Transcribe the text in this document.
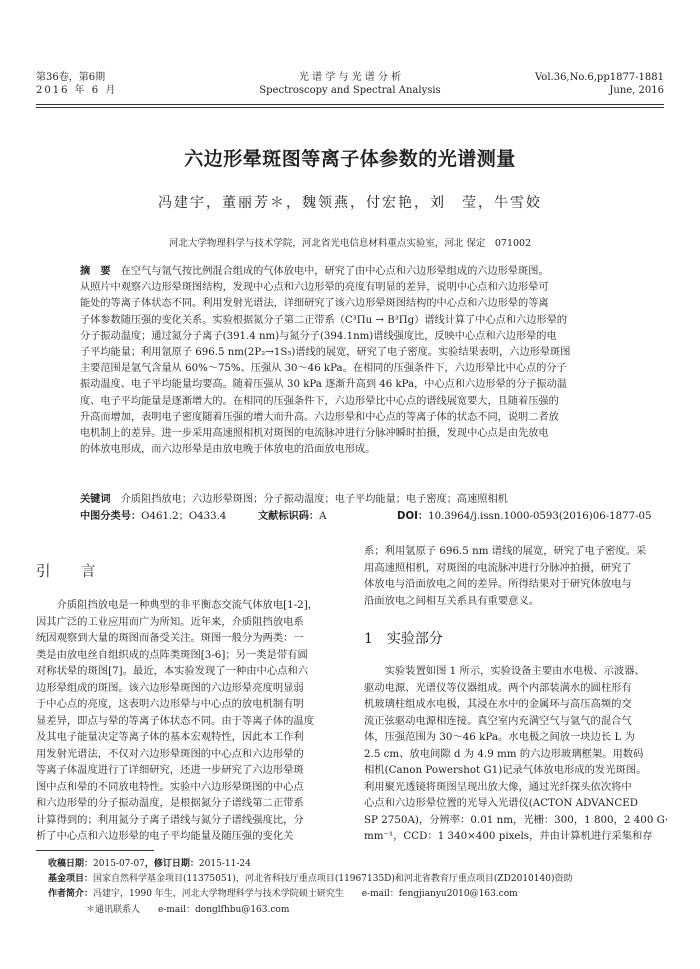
第36卷，第6期
2016 年 6 月
光 谱 学 与 光 谱 分 析
Spectroscopy and Spectral Analysis
Vol.36,No.6,pp1877-1881
June, 2016
六边形晕斑图等离子体参数的光谱测量
冯建宇，董丽芳＊，魏领燕，付宏艳，刘　莹，牛雪姣
河北大学物理科学与技术学院，河北省光电信息材料重点实验室，河北 保定　071002
摘　要　 在空气与氩气按比例混合组成的气体放电中，研究了由中心点和六边形晕组成的六边形晕斑图。
从照片中观察六边形晕斑图结构，发现中心点和六边形晕的亮度有明显的差异，说明中心点和六边形晕可
能处的等离子体状态不同。利用发射光谱法，详细研究了该六边形晕斑图结构的中心点和六边形晕的等离
子体参数随压强的变化关系。实验根据氮分子第二正带系（C³Πu → B³Πg）谱线计算了中心点和六边形晕的
分子振动温度；通过氮分子离子(391.4 nm)与氮分子(394.1nm)谱线强度比，反映中心点和六边形晕的电
子平均能量；利用氩原子 696.5 nm(2P₂→1S₅)谱线的展宽，研究了电子密度。实验结果表明，六边形晕斑图
主要范围是氩气含量从 60%～75%、压强从 30～46 kPa。在相同的压强条件下，六边形晕比中心点的分子
振动温度、电子平均能量均要高。随着压强从 30 kPa 逐渐升高到 46 kPa，中心点和六边形晕的分子振动温
度、电子平均能量是逐渐增大的。在相同的压强条件下，六边形晕比中心点的谱线展宽要大，且随着压强的
升高而增加，表明电子密度随着压强的增大而升高。六边形晕和中心点的等离子体的状态不同，说明二者放
电机制上的差异。进一步采用高速照相机对斑图的电流脉冲进行分脉冲瞬时拍摄，发现中心点是由先放电
的体放电形成，而六边形晕是由放电晚于体放电的沿面放电形成。
关键词　 介质阻挡放电；六边形晕斑图；分子振动温度；电子平均能量；电子密度；高速照相机
中图分类号：O461.2；O433.4	文献标识码：A	DOI：10.3964/j.issn.1000-0593(2016)06-1877-05
引　言
介质阻挡放电是一种典型的非平衡态交流气体放电[1-2]，
因其广泛的工业应用而广为所知。近年来，介质阻挡放电系
统因观察到大量的斑图而备受关注。斑图一般分为两类：一
类是由放电丝自组织成的点阵类斑图[3-6]；另一类是带有圆
对称状晕的斑图[7]。最近，本实验发现了一种由中心点和六
边形晕组成的斑图。该六边形晕斑图的六边形晕亮度明显弱
于中心点的亮度，这表明六边形晕与中心点的放电机制有明
显差异，即点与晕的等离子体状态不同。由于等离子体的温度
及其电子能量决定等离子体的基本宏观特性，因此本工作利
用发射光谱法，不仅对六边形晕斑图的中心点和六边形晕的
等离子体温度进行了详细研究，还进一步研究了六边形晕斑
图中点和晕的不同放电特性。实验中六边形晕斑图的中心点
和六边形晕的分子振动温度，是根据氮分子谱线第二正带系
计算得到的；利用氮分子离子谱线与氮分子谱线强度比，分
析了中心点和六边形晕的电子平均能量及随压强的变化关
系；利用氩原子 696.5 nm 谱线的展宽，研究了电子密度。采
用高速照相机，对斑图的电流脉冲进行分脉冲拍摄，研究了
体放电与沿面放电之间的差异。所得结果对于研究体放电与
沿面放电之间相互关系具有重要意义。
1　实验部分
实验装置如图 1 所示，实验设备主要由水电极、示波器、
驱动电源、光谱仪等仪器组成。两个内部装满水的圆柱形有
机玻璃柱组成水电极，其浸在水中的金属环与高压高频的交
流正弦驱动电源相连接。真空室内充满空气与氩气的混合气
体，压强范围为 30～46 kPa。水电极之间放一块边长 L 为
2.5 cm、放电间隙 d 为 4.9 mm 的六边形玻璃框架。用数码
相机(Canon Powershot G1)记录气体放电形成的发光斑图。
利用聚光透镜将斑图呈现出放大像，通过光纤探头依次将中
心点和六边形晕位置的光导入光谱仪(ACTON ADVANCED
SP 2750A)，分辨率：0.01 nm，光栅：300，1 800，2 400 G·
mm⁻¹，CCD：1 340×400 pixels，并由计算机进行采集和存
收稿日期：2015-07-07，修订日期：2015-11-24
基金项目：国家自然科学基金项目(11375051)，河北省科技厅重点项目(11967135D)和河北省教育厅重点项目(ZD2010140)资助
作者简介：冯建宇，1990 年生，河北大学物理科学与技术学院硕士研究生　　e-mail：fengjianyu2010@163.com
＊通讯联系人　　e-mail：donglfhbu@163.com
